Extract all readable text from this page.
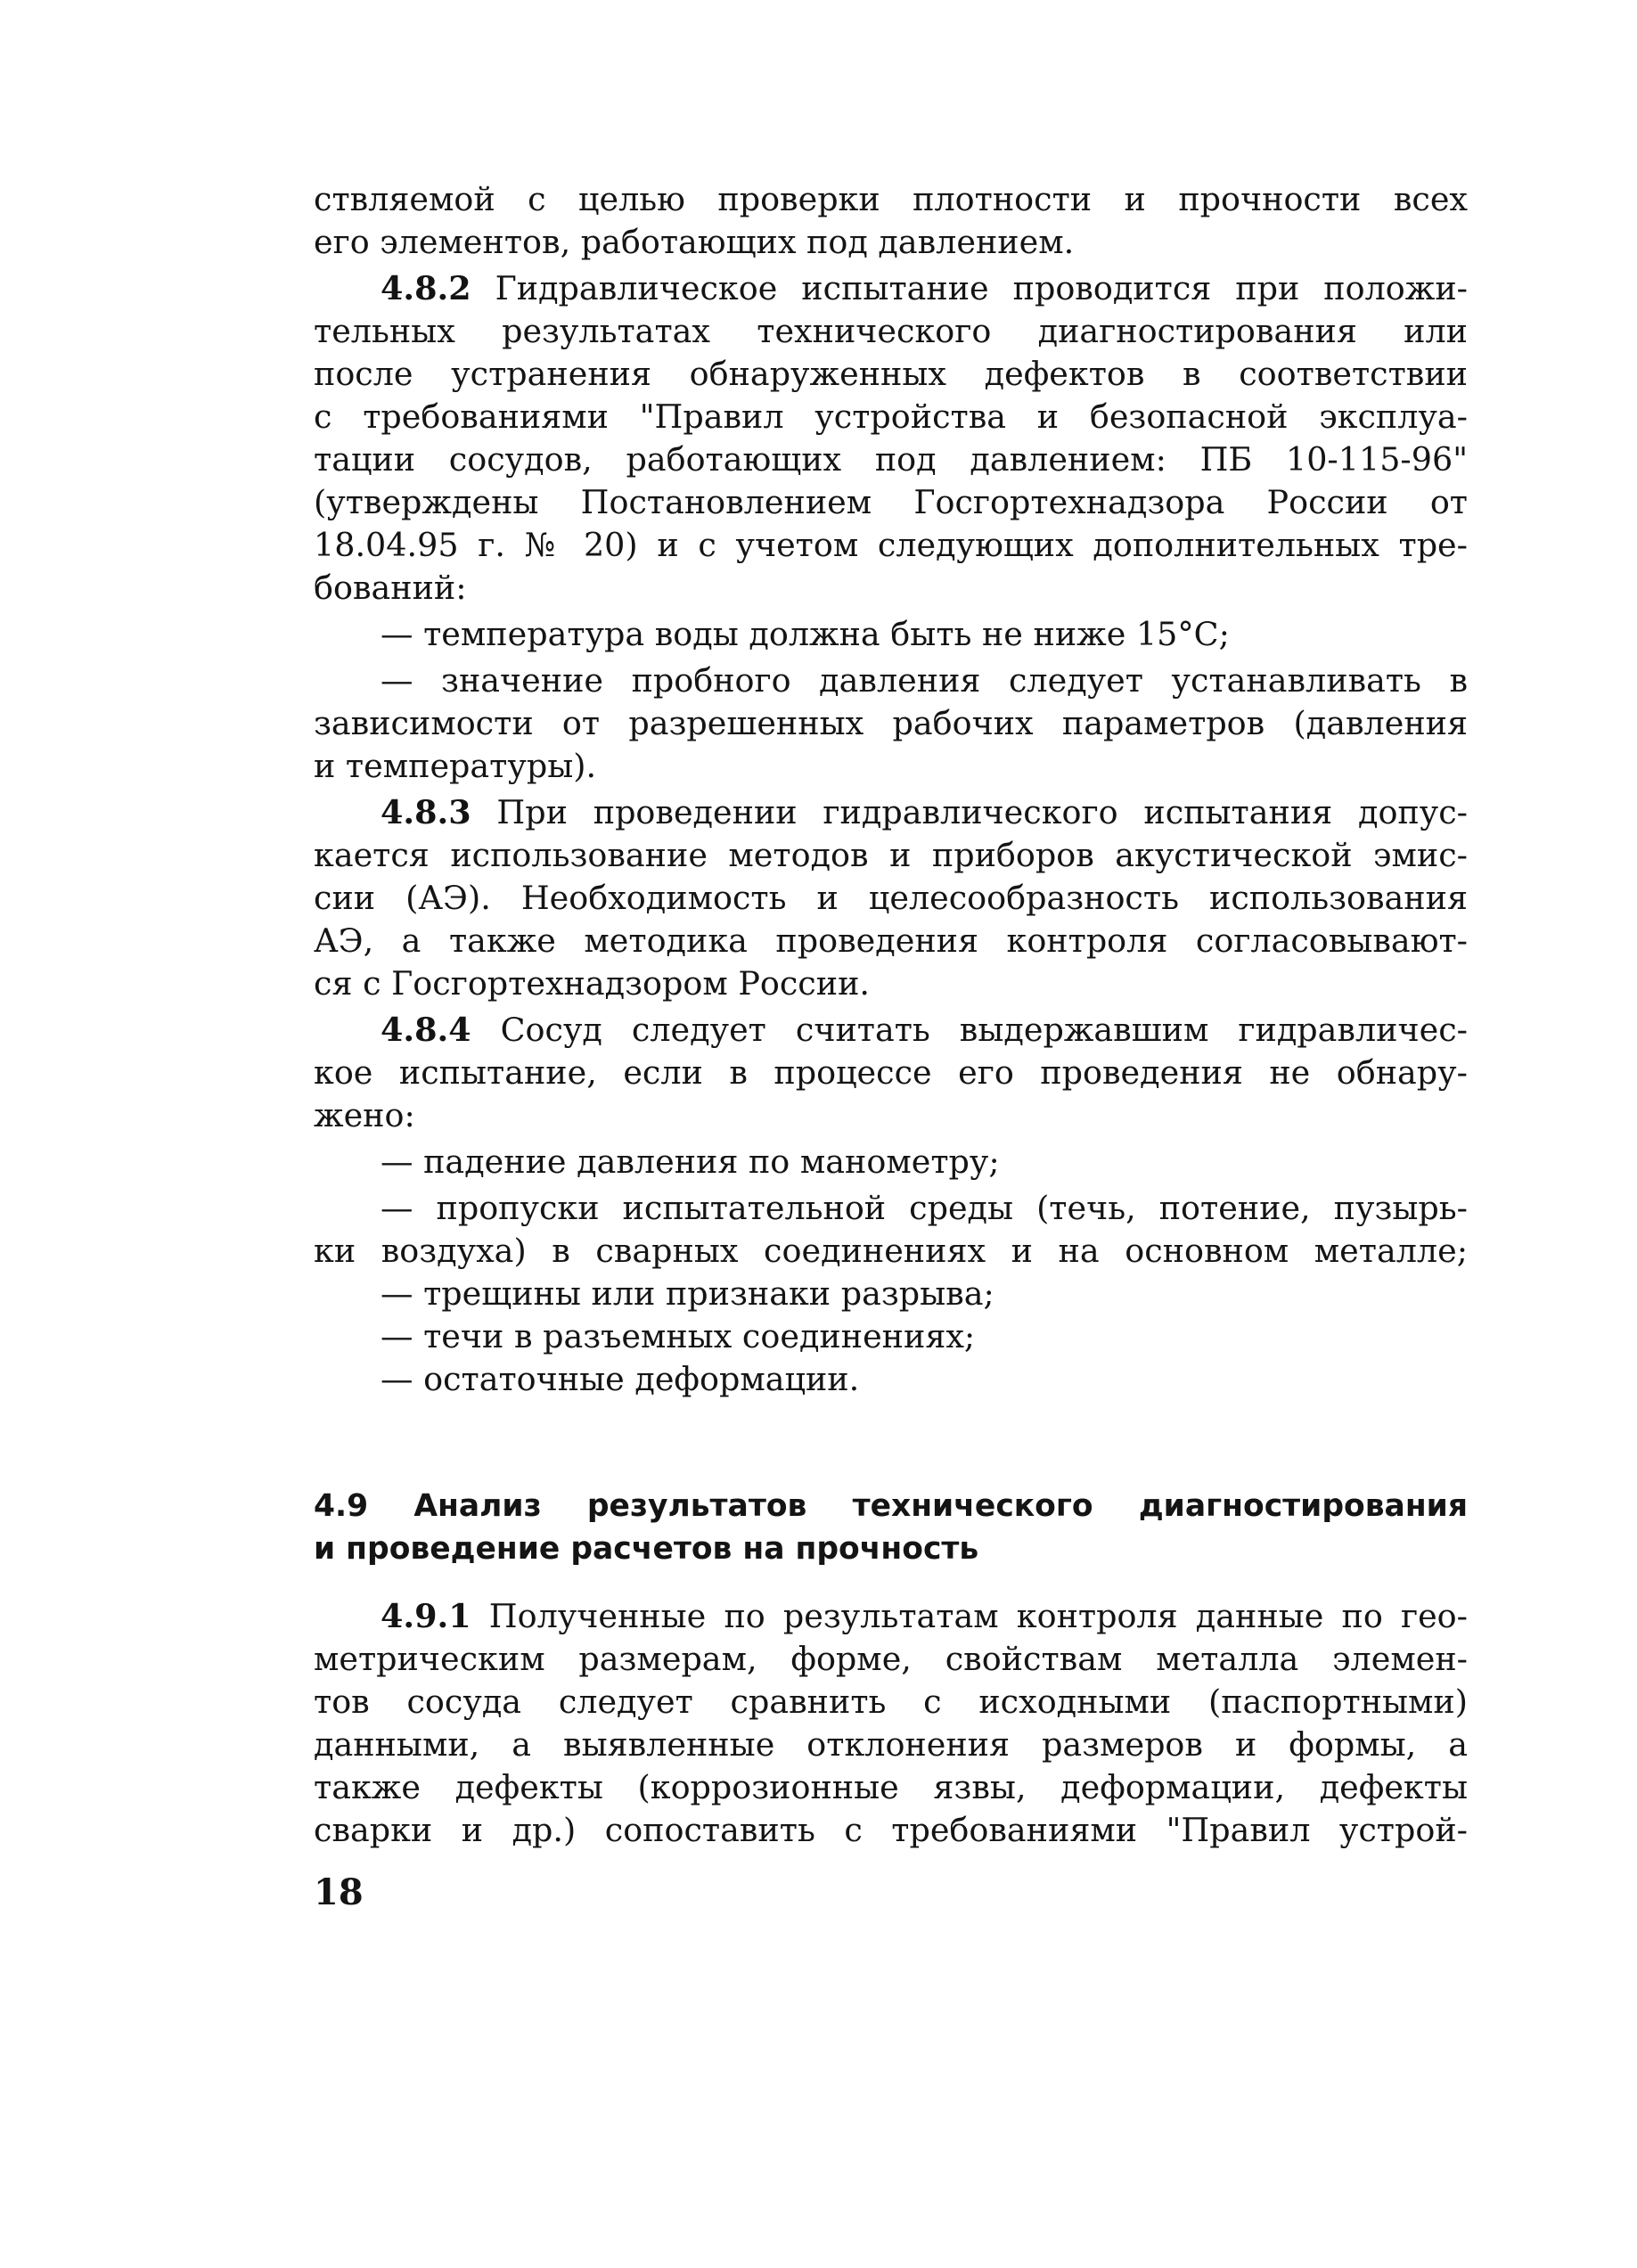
ствляемой с целью проверки плотности и прочности всех
его элементов, работающих под давлением.
4.8.2 Гидравлическое испытание проводится при положи-
тельных результатах технического диагностирования или
после устранения обнаруженных дефектов в соответствии
с требованиями "Правил устройства и безопасной эксплуа-
тации сосудов, работающих под давлением: ПБ 10-115-96"
(утверждены Постановлением Госгортехнадзора России от
18.04.95 г. № 20) и с учетом следующих дополнительных тре-
бований:
— температура воды должна быть не ниже 15°С;
— значение пробного давления следует устанавливать в
зависимости от разрешенных рабочих параметров (давления
и температуры).
4.8.3 При проведении гидравлического испытания допус-
кается использование методов и приборов акустической эмис-
сии (АЭ). Необходимость и целесообразность использования
АЭ, а также методика проведения контроля согласовывают-
ся с Госгортехнадзором России.
4.8.4 Сосуд следует считать выдержавшим гидравличес-
кое испытание, если в процессе его проведения не обнару-
жено:
— падение давления по манометру;
— пропуски испытательной среды (течь, потение, пузырь-
ки воздуха) в сварных соединениях и на основном металле;
— трещины или признаки разрыва;
— течи в разъемных соединениях;
— остаточные деформации.
4.9 Анализ результатов технического диагностирования
и проведение расчетов на прочность
4.9.1 Полученные по результатам контроля данные по гео-
метрическим размерам, форме, свойствам металла элемен-
тов сосуда следует сравнить с исходными (паспортными)
данными, а выявленные отклонения размеров и формы, а
также дефекты (коррозионные язвы, деформации, дефекты
сварки и др.) сопоставить с требованиями "Правил устрой-
18
